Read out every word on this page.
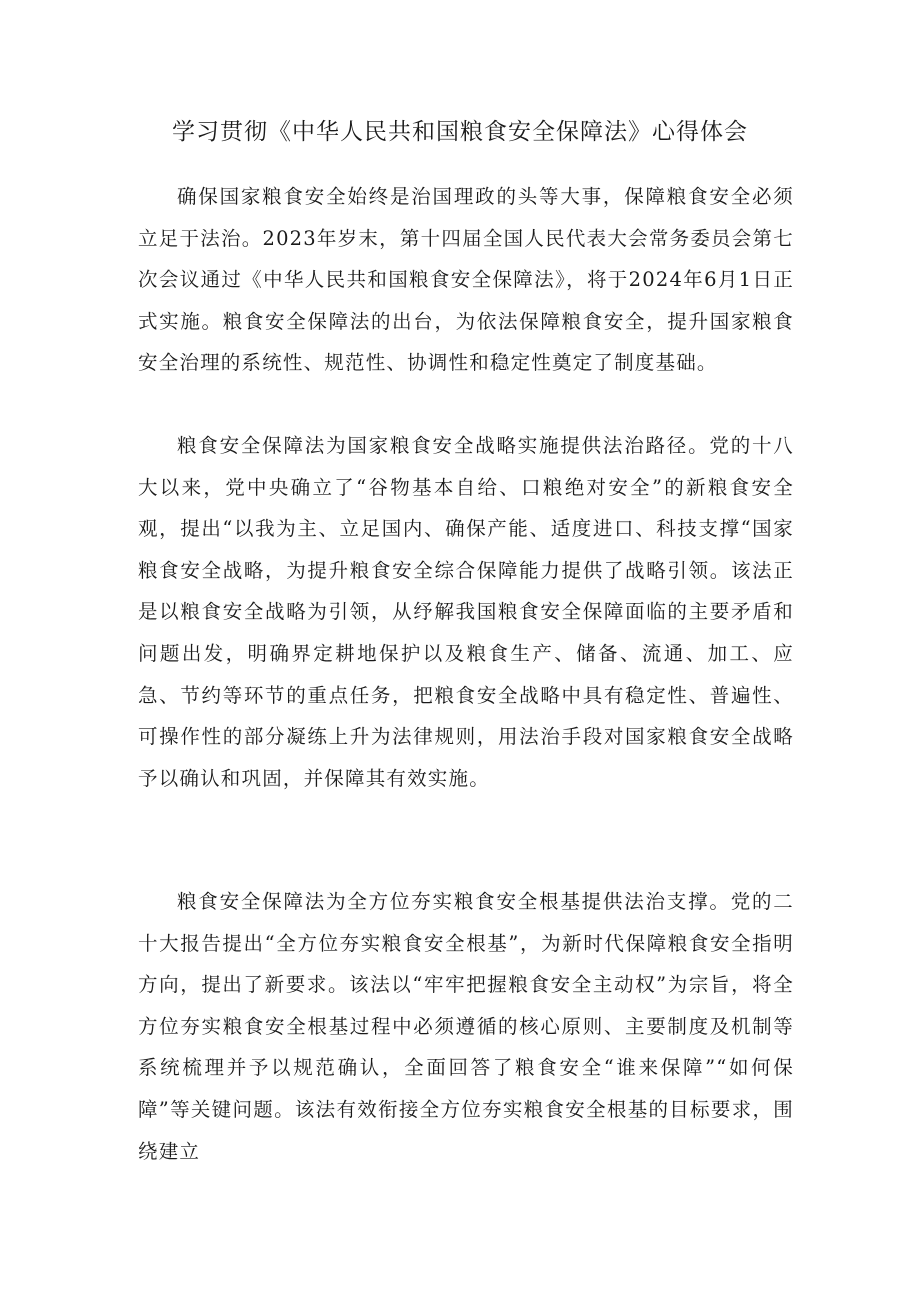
学习贯彻《中华人民共和国粮食安全保障法》心得体会

确保国家粮食安全始终是治国理政的头等大事，保障粮食安全必须立足于法治。2023年岁末，第十四届全国人民代表大会常务委员会第七次会议通过《中华人民共和国粮食安全保障法》，将于2024年6月1日正式实施。粮食安全保障法的出台，为依法保障粮食安全，提升国家粮食安全治理的系统性、规范性、协调性和稳定性奠定了制度基础。

粮食安全保障法为国家粮食安全战略实施提供法治路径。党的十八大以来，党中央确立了“谷物基本自给、口粮绝对安全”的新粮食安全观，提出“以我为主、立足国内、确保产能、适度进口、科技支撑“国家粮食安全战略，为提升粮食安全综合保障能力提供了战略引领。该法正是以粮食安全战略为引领，从纾解我国粮食安全保障面临的主要矛盾和问题出发，明确界定耕地保护以及粮食生产、储备、流通、加工、应急、节约等环节的重点任务，把粮食安全战略中具有稳定性、普遍性、可操作性的部分凝练上升为法律规则，用法治手段对国家粮食安全战略予以确认和巩固，并保障其有效实施。

粮食安全保障法为全方位夯实粮食安全根基提供法治支撑。党的二十大报告提出“全方位夯实粮食安全根基”，为新时代保障粮食安全指明方向，提出了新要求。该法以“牢牢把握粮食安全主动权”为宗旨，将全方位夯实粮食安全根基过程中必须遵循的核心原则、主要制度及机制等系统梳理并予以规范确认，全面回答了粮食安全“谁来保障”“如何保障”等关键问题。该法有效衔接全方位夯实粮食安全根基的目标要求，围绕建立
